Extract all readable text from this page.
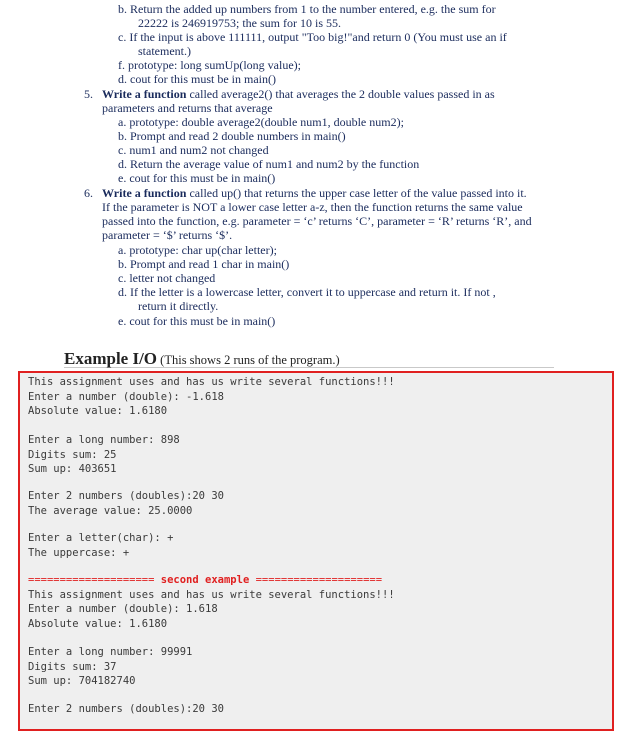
b. Return the added up numbers from 1 to the number entered, e.g. the sum for
22222 is 246919753; the sum for 10 is 55.
c. If the input is above 111111, output "Too big!"and return 0 (You must use an if
statement.)
f. prototype: long sumUp(long value);
d. cout for this must be in main()
5. Write a function called average2() that averages the 2 double values passed in as
parameters and returns that average
a. prototype: double average2(double num1, double num2);
b. Prompt and read 2 double numbers in main()
c. num1 and num2 not changed
d. Return the average value of num1 and num2 by the function
e. cout for this must be in main()
6. Write a function called up() that returns the upper case letter of the value passed into it.
If the parameter is NOT a lower case letter a-z, then the function returns the same value
passed into the function, e.g. parameter = ‘c’ returns ‘C’, parameter = ‘R’ returns ‘R’, and
parameter = ‘$’ returns ‘$’.
a. prototype: char up(char letter);
b. Prompt and read 1 char in main()
c. letter not changed
d. If the letter is a lowercase letter, convert it to uppercase and return it. If not ,
return it directly.
e. cout for this must be in main()
Example I/O (This shows 2 runs of the program.)
This assignment uses and has us write several functions!!!
Enter a number (double): -1.618
Absolute value: 1.6180
Enter a long number: 898
Digits sum: 25
Sum up: 403651
Enter 2 numbers (doubles):20 30
The average value: 25.0000
Enter a letter(char): +
The uppercase: +
==================== second example ====================
This assignment uses and has us write several functions!!!
Enter a number (double): 1.618
Absolute value: 1.6180
Enter a long number: 99991
Digits sum: 37
Sum up: 704182740
Enter 2 numbers (doubles):20 30
